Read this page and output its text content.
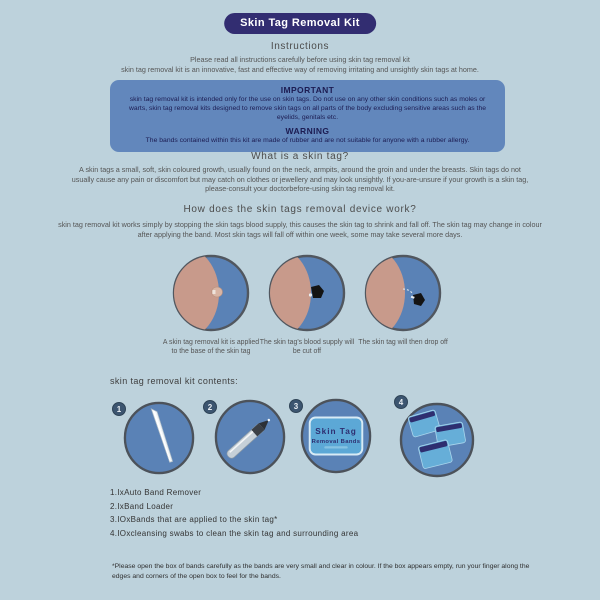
Skin Tag Removal Kit
Instructions
Please read all instructions carefully before using skin tag removal kit
skin tag removal kit is an innovative, fast and effective way of removing irritating and unsightly skin tags at home.
IMPORTANT
skin tag removal kit is intended only for the use on skin tags. Do not use on any other skin conditions such as moles or warts, skin tag removal kits designed to remove skin tags on all parts of the body excluding sensitive areas such as the eyelids, genitals etc.
WARNING
The bands contained within this kit are made of rubber and are not suitable for anyone with a rubber allergy.
What is a skin tag?
A skin tags a small, soft, skin coloured growth, usually found on the neck, armpits, around the groin and under the breasts. Skin tags do not usually cause any pain or discomfort but may catch on clothes or jewellery and may look unsightly. If you-are-unsure if your growth is a skin tag, please-consult your doctorbefore-using skin tag removal kit.
How does the skin tags removal device work?
skin tag removal kit works simply by stopping the skin tags blood supply, this causes the skin tag to shrink and fall off. The skin tag may change in colour after applying the band. Most skin tags will fall off within one week, some may take several more days.
A skin tag removal kit is applied to the base of the skin tag
The skin tag's blood supply will be cut off
The skin tag will then drop off
skin tag removal kit contents:
1	2	3
Skin Tag
Removal Bands
4
1.IxAuto Band Remover
2.IxBand Loader
3.IOxBands that are applied to the skin tag*
4.IOxcleansing swabs to clean the skin tag and surrounding area
*Please open the box of bands carefully as the bands are very small and clear in colour. If the box appears empty, run your finger along the edges and corners of the open box to feel for the bands.
